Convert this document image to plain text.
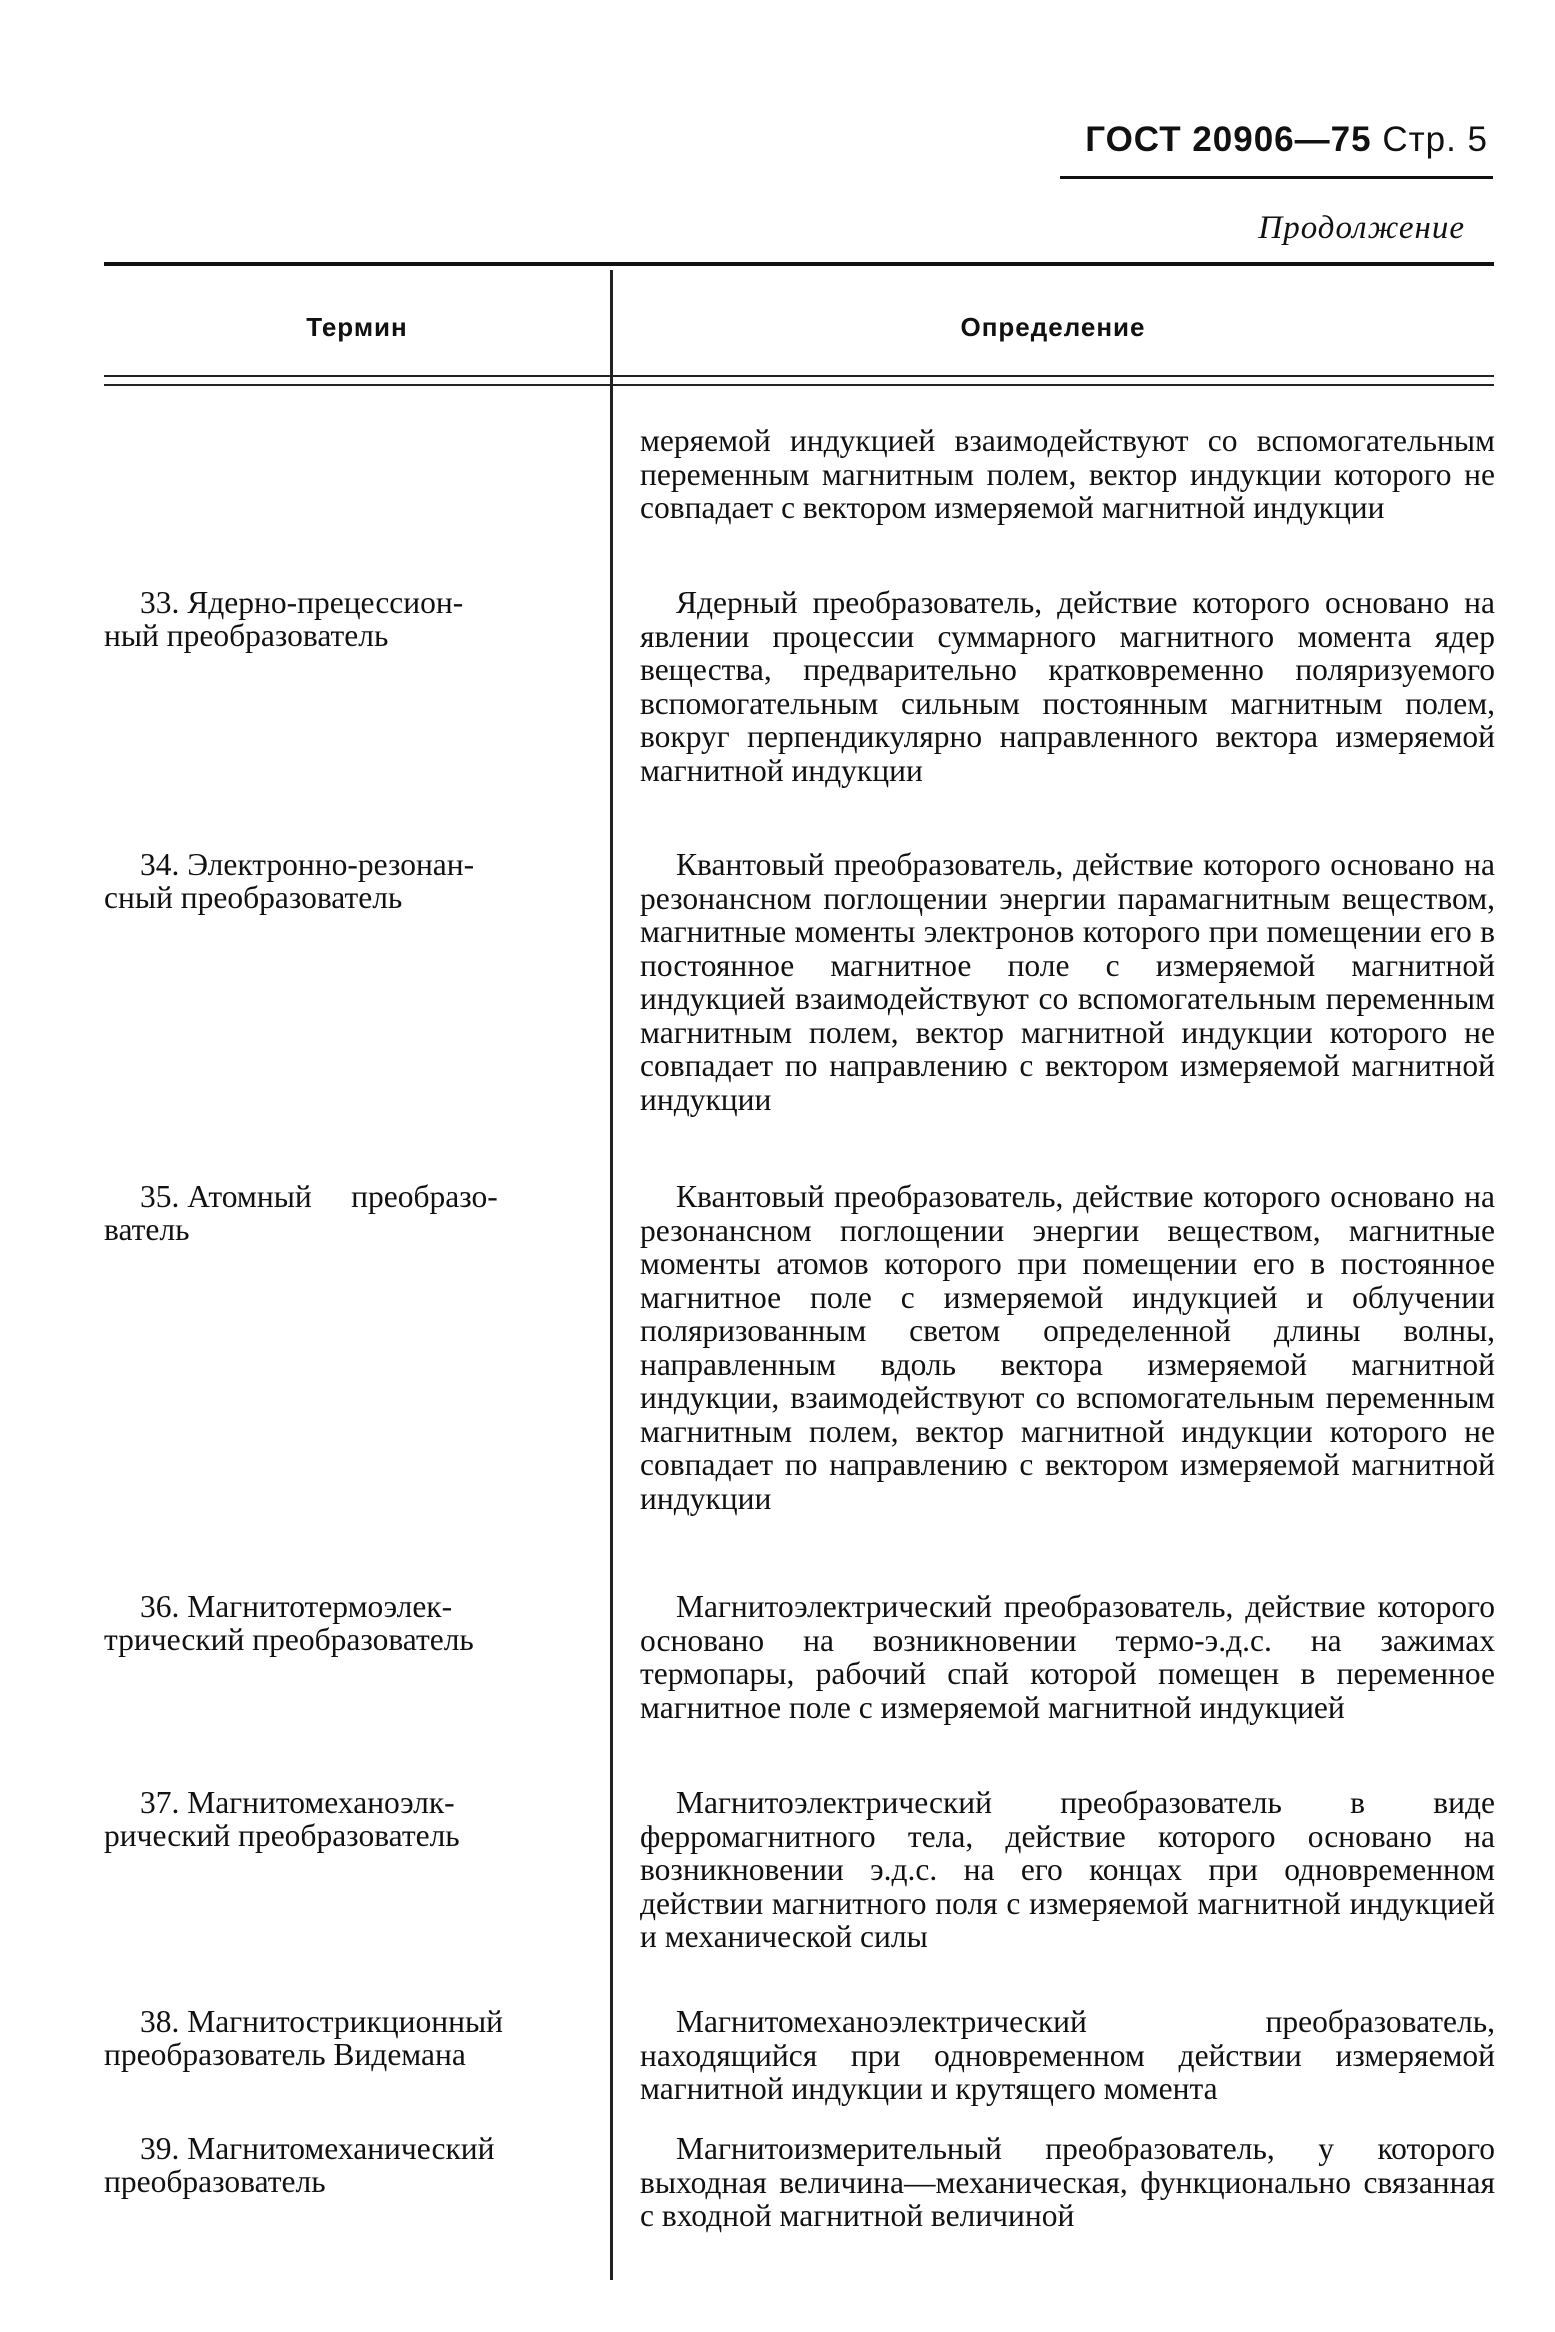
ГОСТ 20906—75 Стр. 5
Продолжение
Термин	Определение
меряемой индукцией взаимодействуют со вспомогательным переменным магнитным полем, вектор индукции которого не совпадает с вектором измеряемой магнитной индукции
33. Ядерно-прецессион-
ный преобразователь
Ядерный преобразователь, действие которого основано на явлении процессии суммарного магнитного момента ядер вещества, предварительно кратковременно поляризуемого вспомогательным сильным постоянным магнитным полем, вокруг перпендикулярно направленного вектора измеряемой магнитной индукции
34. Электронно-резонан-
сный преобразователь
Квантовый преобразователь, действие которого основано на резонансном поглощении энергии парамагнитным веществом, магнитные моменты электронов которого при помещении его в постоянное магнитное поле с измеряемой магнитной индукцией взаимодействуют со вспомогательным переменным магнитным полем, вектор магнитной индукции которого не совпадает по направлению с вектором измеряемой магнитной индукции
35. Атомный     преобразо-
ватель
Квантовый преобразователь, действие которого основано на резонансном поглощении энергии веществом, магнитные моменты атомов которого при помещении его в постоянное магнитное поле с измеряемой индукцией и облучении поляризованным светом определенной длины волны, направленным вдоль вектора измеряемой магнитной индукции, взаимодействуют со вспомогательным переменным магнитным полем, вектор магнитной индукции которого не совпадает по направлению с вектором измеряемой магнитной индукции
36. Магнитотермоэлек-
трический преобразователь
Магнитоэлектрический преобразователь, действие которого основано на возникновении термо-э.д.с. на зажимах термопары, рабочий спай которой помещен в переменное магнитное поле с измеряемой магнитной индукцией
37. Магнитомеханоэлк-
рический преобразователь
Магнитоэлектрический преобразователь в виде ферромагнитного тела, действие которого основано на возникновении э.д.с. на его концах при одновременном действии магнитного поля с измеряемой магнитной индукцией и механической силы
38. Магнитострикционный
преобразователь Видемана
Магнитомеханоэлектрический преобразователь, находящийся при одновременном действии измеряемой магнитной индукции и крутящего момента
39. Магнитомеханический
преобразователь
Магнитоизмерительный преобразователь, у которого выходная величина—механическая, функционально связанная с входной магнитной величиной
